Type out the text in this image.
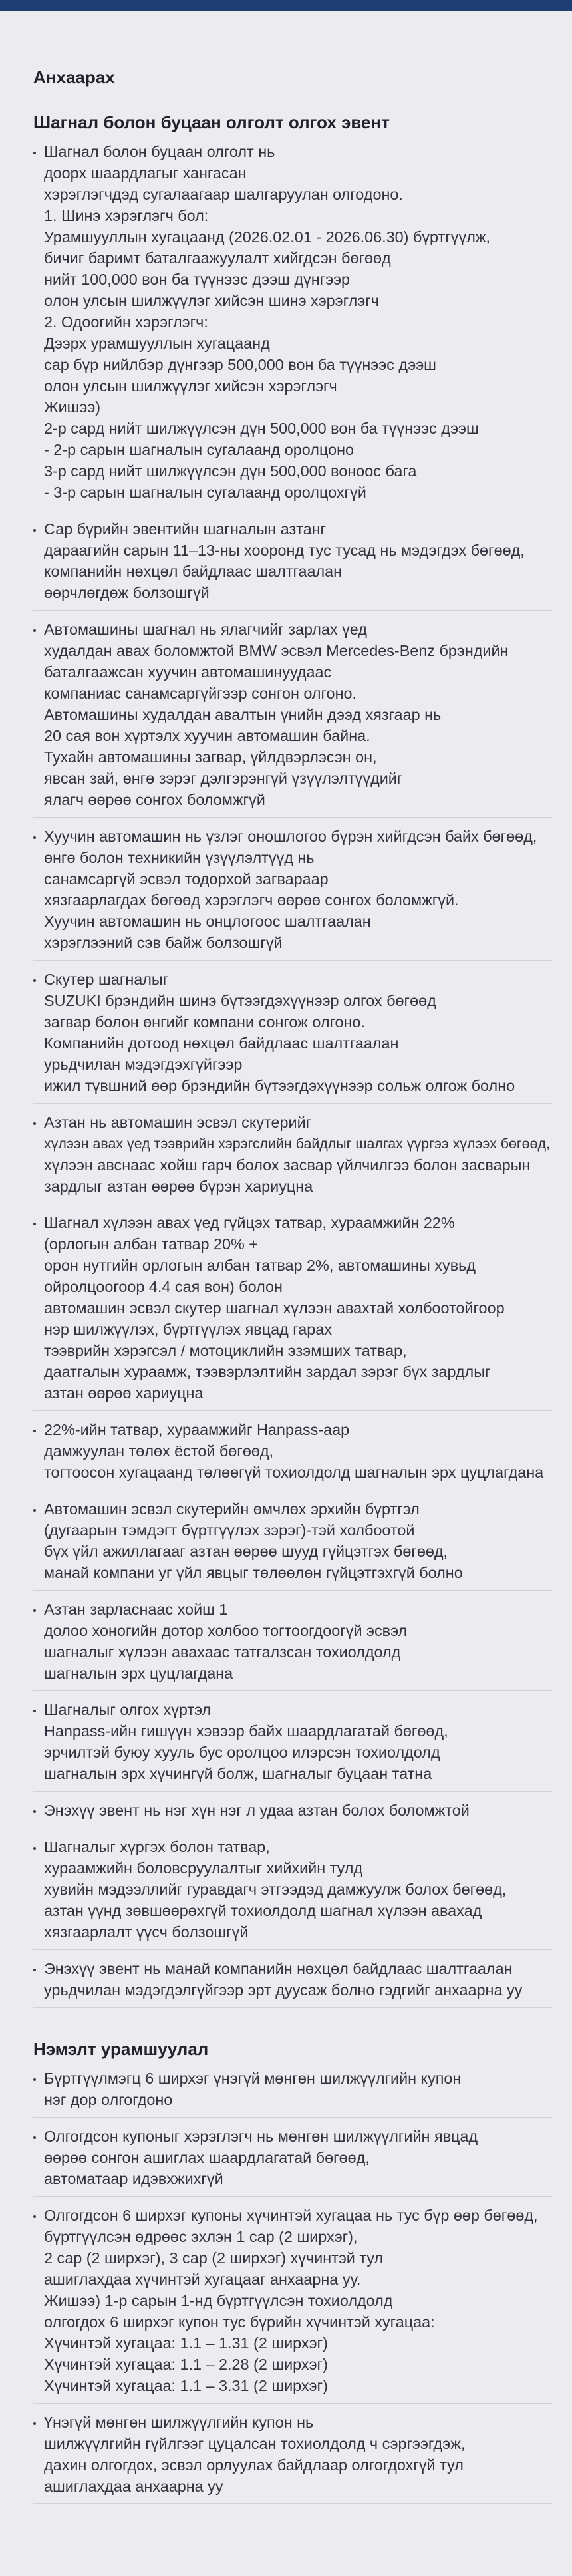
Анхаарах
Шагнал болон буцаан олголт олгох эвент
Шагнал болон буцаан олголт нь
доорх шаардлагыг хангасан
хэрэглэгчдэд сугалаагаар шалгаруулан олгодоно.
1. Шинэ хэрэглэгч бол:
Урамшууллын хугацаанд (2026.02.01 - 2026.06.30) бүртгүүлж,
бичиг баримт баталгаажуулалт хийгдсэн бөгөөд
нийт 100,000 вон ба түүнээс дээш дүнгээр
олон улсын шилжүүлэг хийсэн шинэ хэрэглэгч
2. Одоогийн хэрэглэгч:
Дээрх урамшууллын хугацаанд
сар бүр нийлбэр дүнгээр 500,000 вон ба түүнээс дээш
олон улсын шилжүүлэг хийсэн хэрэглэгч
Жишээ)
2-р сард нийт шилжүүлсэн дүн 500,000 вон ба түүнээс дээш
- 2-р сарын шагналын сугалаанд оролцоно
3-р сард нийт шилжүүлсэн дүн 500,000 воноос бага
- 3-р сарын шагналын сугалаанд оролцохгүй
Сар бүрийн эвентийн шагналын азтанг
дараагийн сарын 11–13-ны хооронд тус тусад нь мэдэгдэх бөгөөд,
компанийн нөхцөл байдлаас шалтгаалан
өөрчлөгдөж болзошгүй
Автомашины шагнал нь ялагчийг зарлах үед
худалдан авах боломжтой BMW эсвэл Mercedes-Benz брэндийн
баталгаажсан хуучин автомашинуудаас
компаниас санамсаргүйгээр сонгон олгоно.
Автомашины худалдан авалтын үнийн дээд хязгаар нь
20 сая вон хүртэлх хуучин автомашин байна.
Тухайн автомашины загвар, үйлдвэрлэсэн он,
явсан зай, өнгө зэрэг дэлгэрэнгүй үзүүлэлтүүдийг
ялагч өөрөө сонгох боломжгүй
Хуучин автомашин нь үзлэг оношлогоо бүрэн хийгдсэн байх бөгөөд,
өнгө болон техникийн үзүүлэлтүүд нь
санамсаргүй эсвэл тодорхой загвараар
хязгаарлагдах бөгөөд хэрэглэгч өөрөө сонгох боломжгүй.
Хуучин автомашин нь онцлогоос шалтгаалан
хэрэглээний сэв байж болзошгүй
Скутер шагналыг
SUZUKI брэндийн шинэ бүтээгдэхүүнээр олгох бөгөөд
загвар болон өнгийг компани сонгож олгоно.
Компанийн дотоод нөхцөл байдлаас шалтгаалан
урьдчилан мэдэгдэхгүйгээр
ижил түвшний өөр брэндийн бүтээгдэхүүнээр сольж олгож болно
Азтан нь автомашин эсвэл скутерийг
хүлээн авах үед тээврийн хэрэгслийн байдлыг шалгах үүргээ хүлээх бөгөөд,
хүлээн авснаас хойш гарч болох засвар үйлчилгээ болон засварын
зардлыг азтан өөрөө бүрэн хариуцна
Шагнал хүлээн авах үед гүйцэх татвар, хураамжийн 22%
(орлогын албан татвар 20% +
орон нутгийн орлогын албан татвар 2%, автомашины хувьд
ойролцоогоор 4.4 сая вон) болон
автомашин эсвэл скутер шагнал хүлээн авахтай холбоотойгоор
нэр шилжүүлэх, бүртгүүлэх явцад гарах
тээврийн хэрэгсэл / мотоциклийн эзэмших татвар,
даатгалын хураамж, тээвэрлэлтийн зардал зэрэг бүх зардлыг
азтан өөрөө хариуцна
22%-ийн татвар, хураамжийг Hanpass-аар
дамжуулан төлөх ёстой бөгөөд,
тогтоосон хугацаанд төлөөгүй тохиолдолд шагналын эрх цуцлагдана
Автомашин эсвэл скутерийн өмчлөх эрхийн бүртгэл
(дугаарын тэмдэгт бүртгүүлэх зэрэг)-тэй холбоотой
бүх үйл ажиллагааг азтан өөрөө шууд гүйцэтгэх бөгөөд,
манай компани уг үйл явцыг төлөөлөн гүйцэтгэхгүй болно
Азтан зарласнаас хойш 1
долоо хоногийн дотор холбоо тогтоогдоогүй эсвэл
шагналыг хүлээн авахаас татгалзсан тохиолдолд
шагналын эрх цуцлагдана
Шагналыг олгох хүртэл
Hanpass-ийн гишүүн хэвээр байх шаардлагатай бөгөөд,
эрчилтэй буюу хууль бус оролцоо илэрсэн тохиолдолд
шагналын эрх хүчингүй болж, шагналыг буцаан татна
Энэхүү эвент нь нэг хүн нэг л удаа азтан болох боломжтой
Шагналыг хүргэх болон татвар,
хураамжийн боловсруулалтыг хийхийн тулд
хувийн мэдээллийг гуравдагч этгээдэд дамжуулж болох бөгөөд,
азтан үүнд зөвшөөрөхгүй тохиолдолд шагнал хүлээн авахад
хязгаарлалт үүсч болзошгүй
Энэхүү эвент нь манай компанийн нөхцөл байдлаас шалтгаалан
урьдчилан мэдэгдэлгүйгээр эрт дуусаж болно гэдгийг анхаарна уу
Нэмэлт урамшуулал
Бүртгүүлмэгц 6 ширхэг үнэгүй мөнгөн шилжүүлгийн купон
нэг дор олгогдоно
Олгогдсон купоныг хэрэглэгч нь мөнгөн шилжүүлгийн явцад
өөрөө сонгон ашиглах шаардлагатай бөгөөд,
автоматаар идэвхжихгүй
Олгогдсон 6 ширхэг купоны хүчинтэй хугацаа нь тус бүр өөр бөгөөд,
бүртгүүлсэн өдрөөс эхлэн 1 сар (2 ширхэг),
2 сар (2 ширхэг), 3 сар (2 ширхэг) хүчинтэй тул
ашиглахдаа хүчинтэй хугацааг анхаарна уу.
Жишээ) 1-р сарын 1-нд бүртгүүлсэн тохиолдолд
олгогдох 6 ширхэг купон тус бүрийн хүчинтэй хугацаа:
Хүчинтэй хугацаа: 1.1 – 1.31 (2 ширхэг)
Хүчинтэй хугацаа: 1.1 – 2.28 (2 ширхэг)
Хүчинтэй хугацаа: 1.1 – 3.31 (2 ширхэг)
Үнэгүй мөнгөн шилжүүлгийн купон нь
шилжүүлгийн гүйлгээг цуцалсан тохиолдолд ч сэргээгдэж,
дахин олгогдох, эсвэл орлуулах байдлаар олгогдохгүй тул
ашиглахдаа анхаарна уу
